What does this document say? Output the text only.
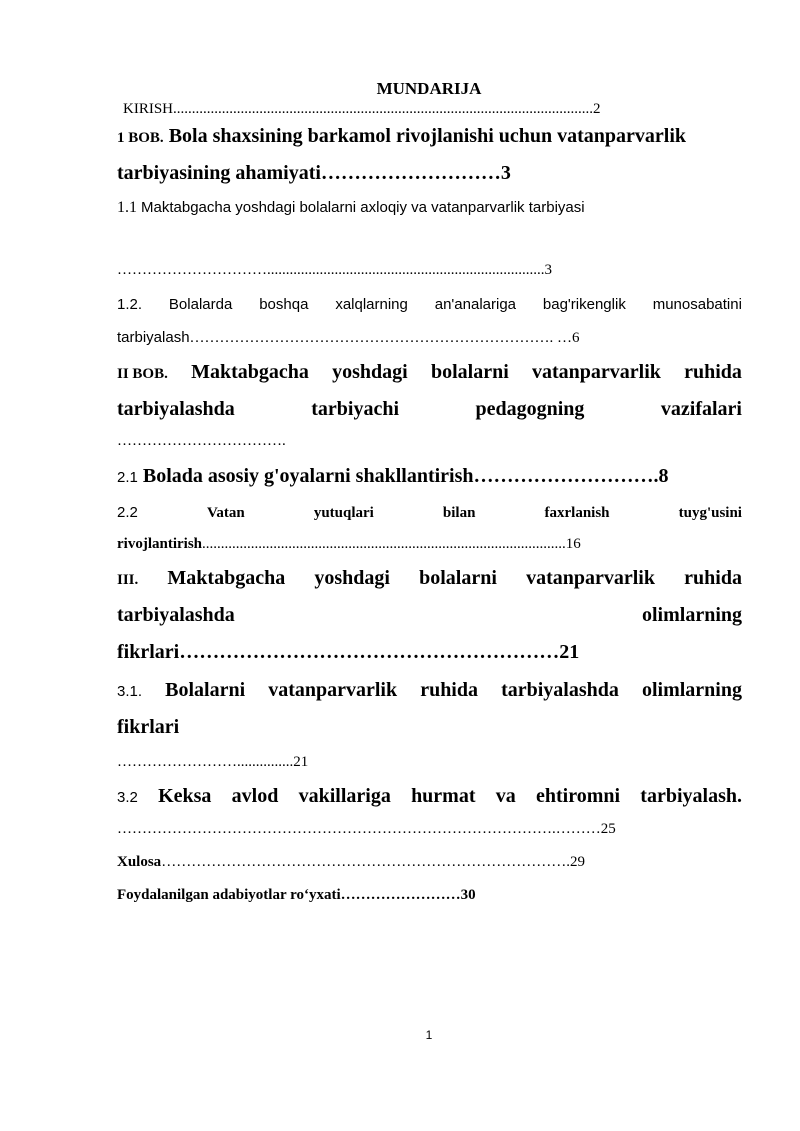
MUNDARIJA
KIRISH................................................................................................................2
1 BOB. Bola shaxsining barkamol rivojlanishi uchun vatanparvarlik
tarbiyasining ahamiyati………………………3
1.1 Maktabgacha yoshdagi bolalarni axloqiy va vatanparvarlik tarbiyasi
…………………………..........................................................................3
1.2. Bolalarda boshqa xalqlarning an'analariga bag'rikenglik munosabatini
tarbiyalash………………………………………………………………. …6
II BOB. Maktabgacha yoshdagi bolalarni vatanparvarlik ruhida
tarbiyalashda	tarbiyachi	pedagogning	vazifalari
…………………………….
2.1 Bolada asosiy g'oyalarni shakllantirish……………………….8
2.2	Vatan	yutuqlari	bilan	faxrlanish	tuyg'usini
rivojlantirish.................................................................................................16
III. Maktabgacha yoshdagi bolalarni vatanparvarlik ruhida
tarbiyalashda	olimlarning
fikrlari…………………………………………………21
3.1. Bolalarni vatanparvarlik ruhida tarbiyalashda olimlarning
fikrlari
……………………...............21
3.2 Keksa avlod vakillariga hurmat va ehtiromni tarbiyalash.
…………………………………………………………………………….………25
Xulosa……………………………………………………………………….29
Foydalanilgan adabiyotlar ro‘yxati……………………30
1
